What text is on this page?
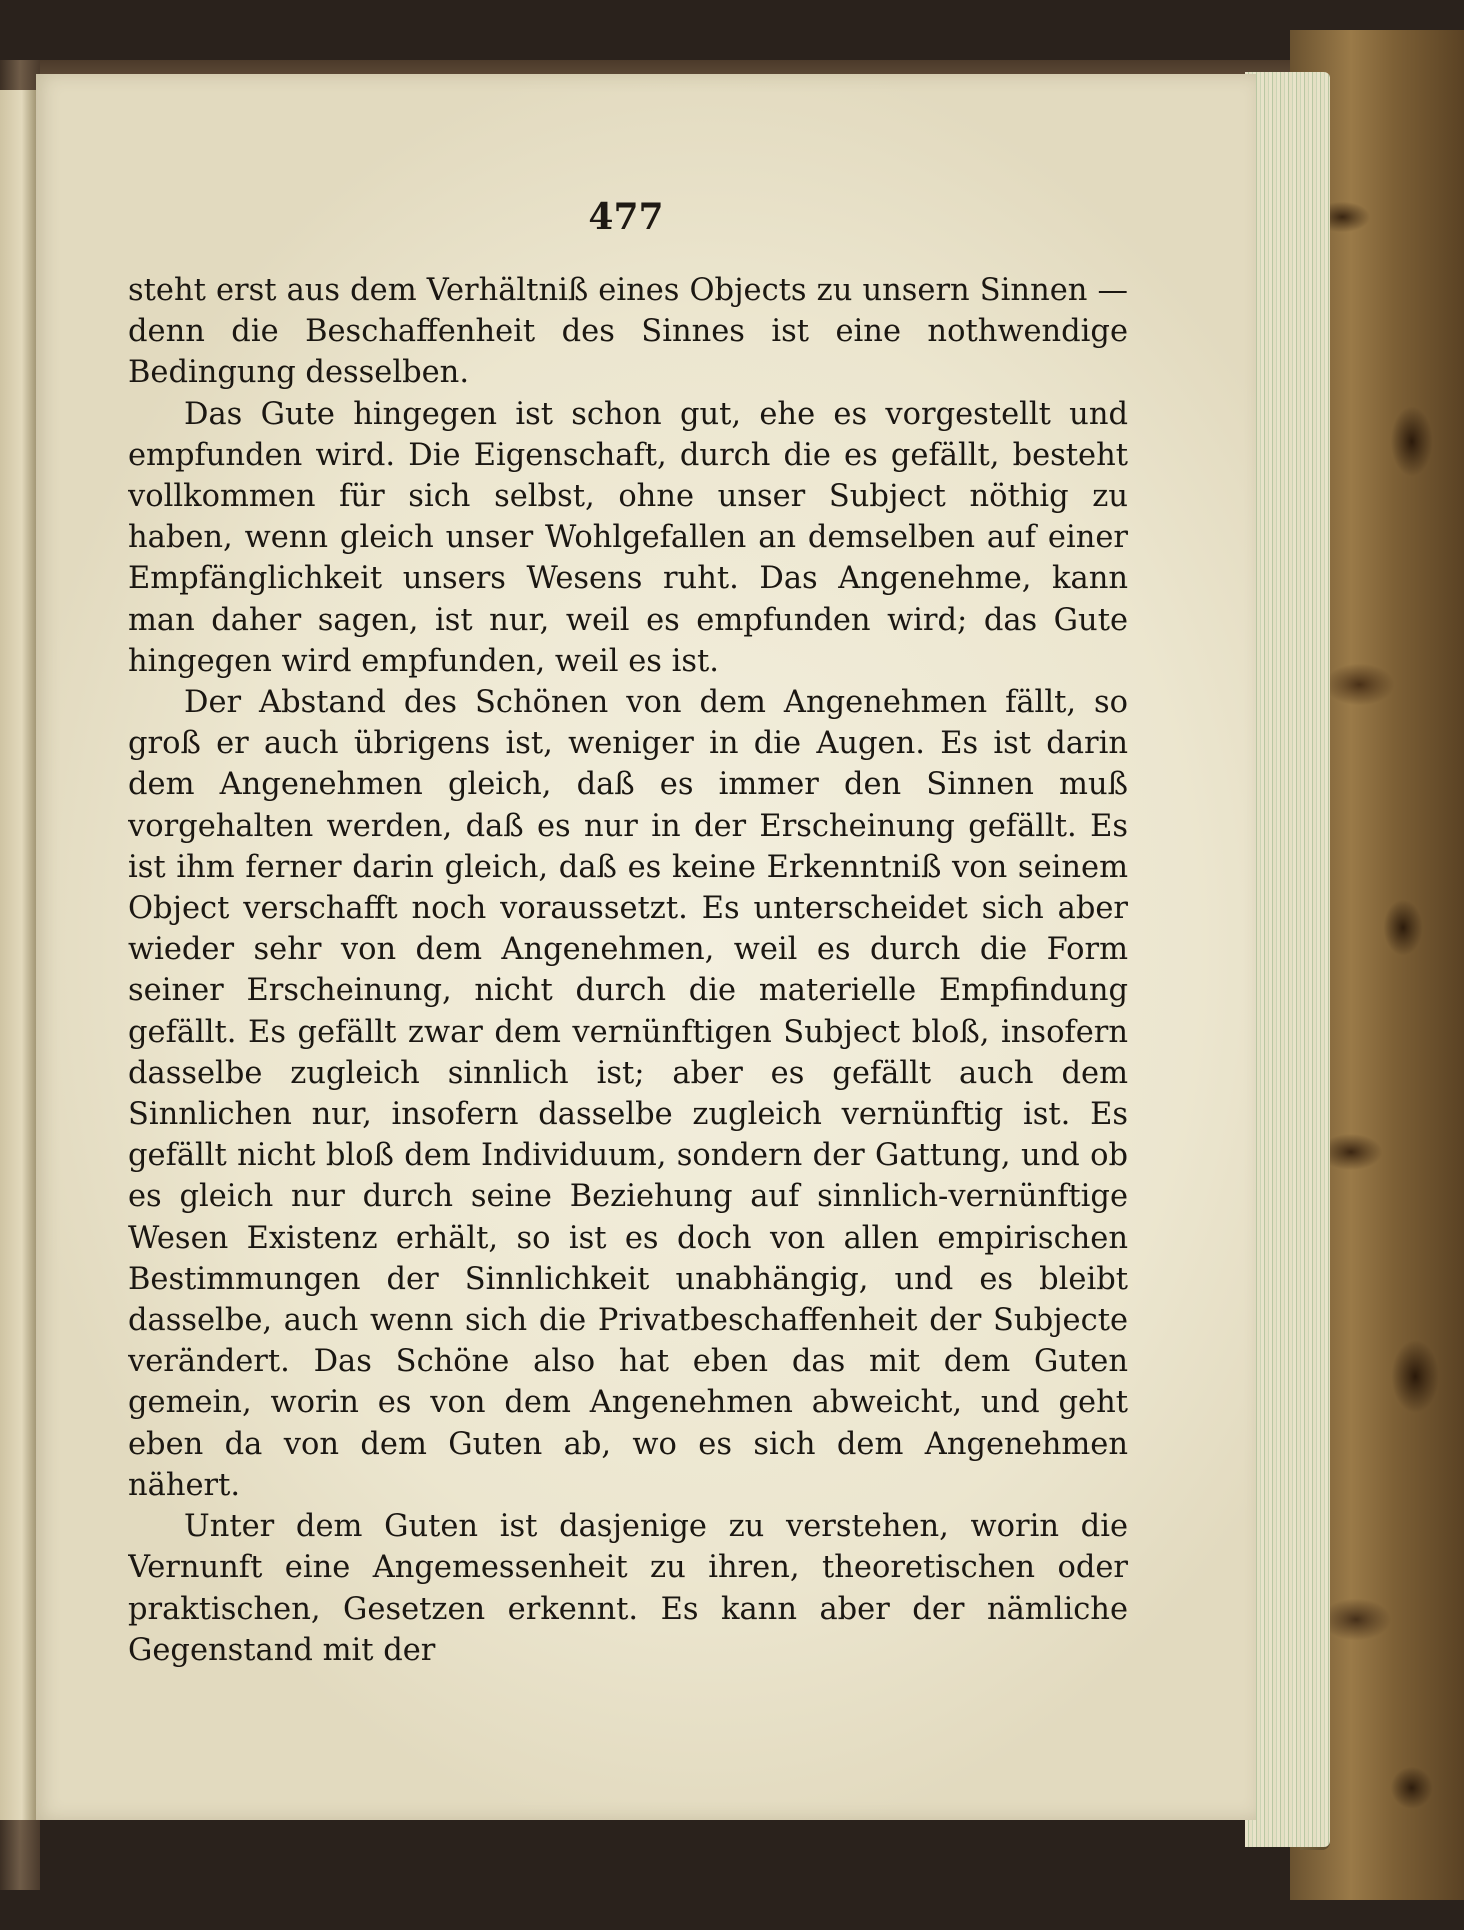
477

steht erst aus dem Verhältniß eines Objects zu unsern Sinnen — denn die Beschaffenheit des Sinnes ist eine nothwendige Bedingung desselben.

Das Gute hingegen ist schon gut, ehe es vorgestellt und empfunden wird. Die Eigenschaft, durch die es gefällt, besteht vollkommen für sich selbst, ohne unser Subject nöthig zu haben, wenn gleich unser Wohlgefallen an demselben auf einer Empfänglichkeit unsers Wesens ruht. Das Angenehme, kann man daher sagen, ist nur, weil es empfunden wird; das Gute hingegen wird empfunden, weil es ist.

Der Abstand des Schönen von dem Angenehmen fällt, so groß er auch übrigens ist, weniger in die Augen. Es ist darin dem Angenehmen gleich, daß es immer den Sinnen muß vorgehalten werden, daß es nur in der Erscheinung gefällt. Es ist ihm ferner darin gleich, daß es keine Erkenntniß von seinem Object verschafft noch voraussetzt. Es unterscheidet sich aber wieder sehr von dem Angenehmen, weil es durch die Form seiner Erscheinung, nicht durch die materielle Empfindung gefällt. Es gefällt zwar dem vernünftigen Subject bloß, insofern dasselbe zugleich sinnlich ist; aber es gefällt auch dem Sinnlichen nur, insofern dasselbe zugleich vernünftig ist. Es gefällt nicht bloß dem Individuum, sondern der Gattung, und ob es gleich nur durch seine Beziehung auf sinnlich-vernünftige Wesen Existenz erhält, so ist es doch von allen empirischen Bestimmungen der Sinnlichkeit unabhängig, und es bleibt dasselbe, auch wenn sich die Privatbeschaffenheit der Subjecte verändert. Das Schöne also hat eben das mit dem Guten gemein, worin es von dem Angenehmen abweicht, und geht eben da von dem Guten ab, wo es sich dem Angenehmen nähert.

Unter dem Guten ist dasjenige zu verstehen, worin die Vernunft eine Angemessenheit zu ihren, theoretischen oder praktischen, Gesetzen erkennt. Es kann aber der nämliche Gegenstand mit der
